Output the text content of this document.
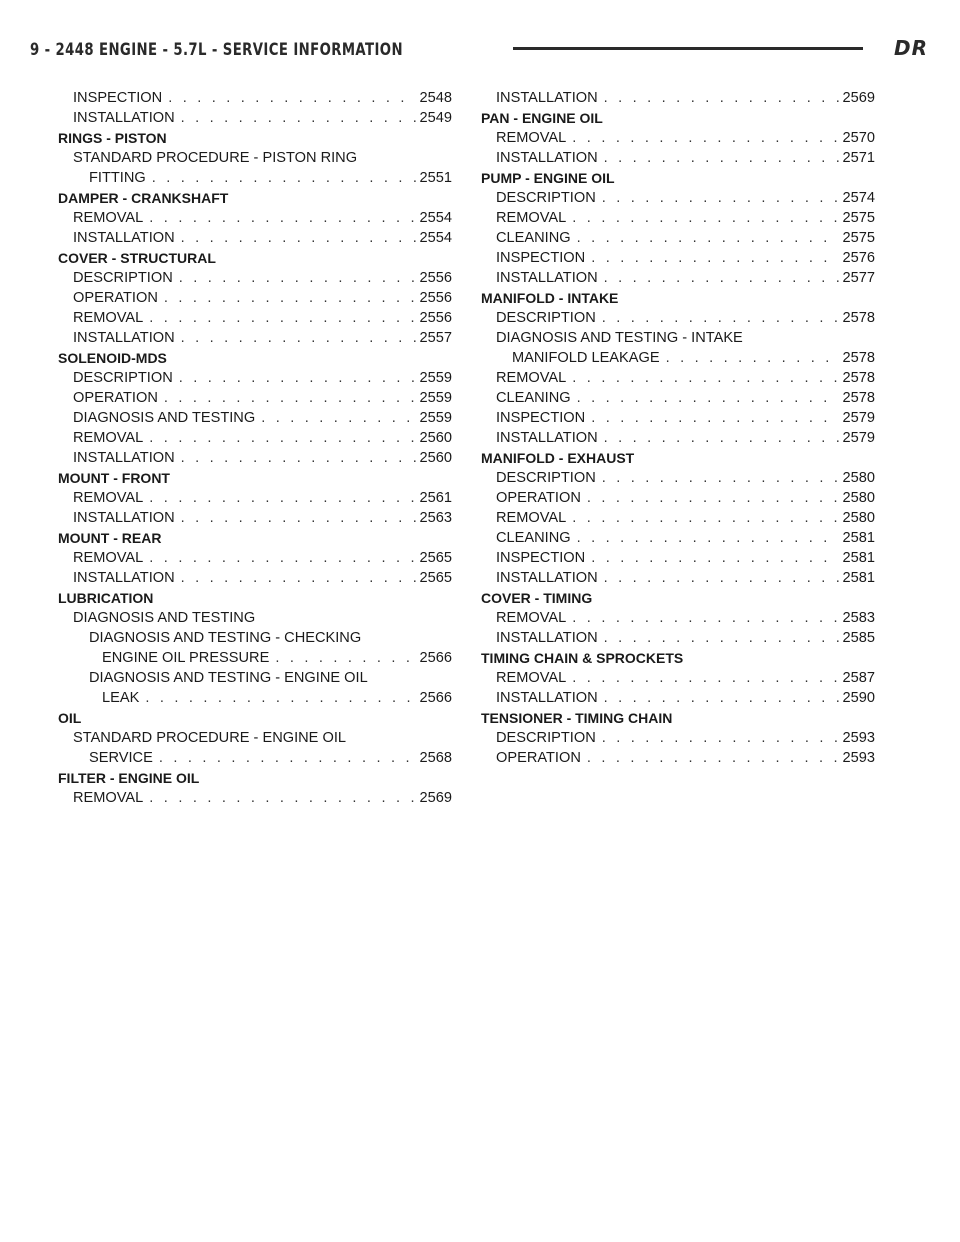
9 - 2448 ENGINE - 5.7L - SERVICE INFORMATION	DR
INSPECTION . . .	2548
INSTALLATION . . .	2549
RINGS - PISTON
STANDARD PROCEDURE - PISTON RING
FITTING . . .	2551
DAMPER - CRANKSHAFT
REMOVAL . . .	2554
INSTALLATION . . .	2554
COVER - STRUCTURAL
DESCRIPTION . . .	2556
OPERATION . . .	2556
REMOVAL . . .	2556
INSTALLATION . . .	2557
SOLENOID-MDS
DESCRIPTION . . .	2559
OPERATION . . .	2559
DIAGNOSIS AND TESTING . . .	2559
REMOVAL . . .	2560
INSTALLATION . . .	2560
MOUNT - FRONT
REMOVAL . . .	2561
INSTALLATION . . .	2563
MOUNT - REAR
REMOVAL . . .	2565
INSTALLATION . . .	2565
LUBRICATION
DIAGNOSIS AND TESTING
DIAGNOSIS AND TESTING - CHECKING
ENGINE OIL PRESSURE . . .	2566
DIAGNOSIS AND TESTING - ENGINE OIL
LEAK . . .	2566
OIL
STANDARD PROCEDURE - ENGINE OIL
SERVICE . . .	2568
FILTER - ENGINE OIL
REMOVAL . . .	2569
INSTALLATION . . .	2569
PAN - ENGINE OIL
REMOVAL . . .	2570
INSTALLATION . . .	2571
PUMP - ENGINE OIL
DESCRIPTION . . .	2574
REMOVAL . . .	2575
CLEANING . . .	2575
INSPECTION . . .	2576
INSTALLATION . . .	2577
MANIFOLD - INTAKE
DESCRIPTION . . .	2578
DIAGNOSIS AND TESTING - INTAKE
MANIFOLD LEAKAGE . . .	2578
REMOVAL . . .	2578
CLEANING . . .	2578
INSPECTION . . .	2579
INSTALLATION . . .	2579
MANIFOLD - EXHAUST
DESCRIPTION . . .	2580
OPERATION . . .	2580
REMOVAL . . .	2580
CLEANING . . .	2581
INSPECTION . . .	2581
INSTALLATION . . .	2581
COVER - TIMING
REMOVAL . . .	2583
INSTALLATION . . .	2585
TIMING CHAIN & SPROCKETS
REMOVAL . . .	2587
INSTALLATION . . .	2590
TENSIONER - TIMING CHAIN
DESCRIPTION . . .	2593
OPERATION . . .	2593
